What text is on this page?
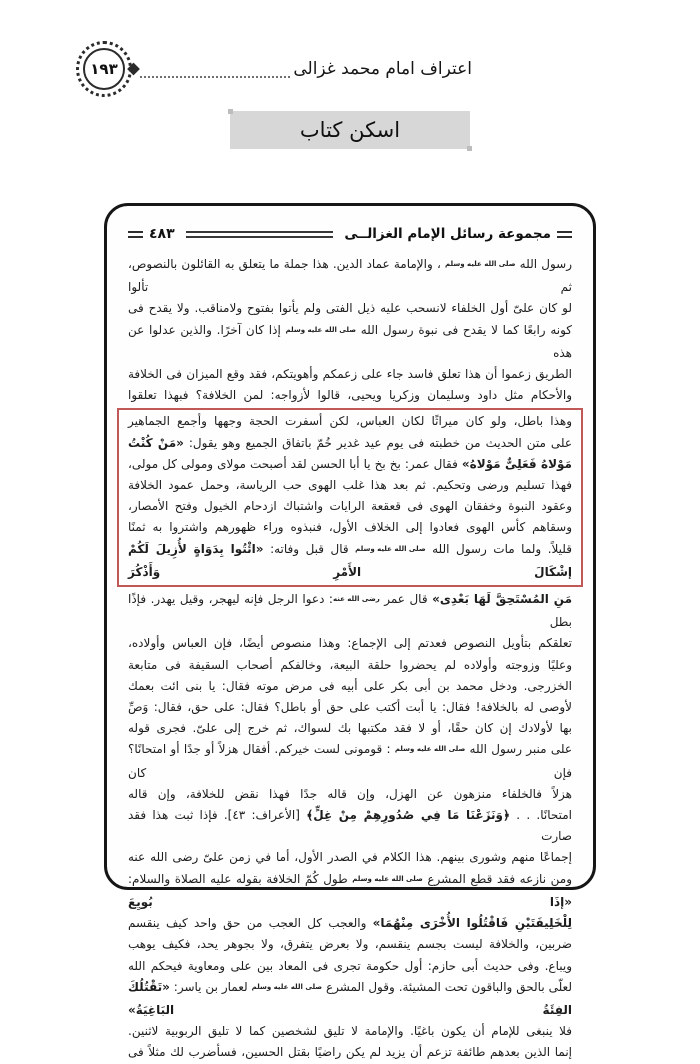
١٩٣	اعتراف امام محمد غزالی
اسكن كتاب
مجموعة رسائل الإمام الغزالــى
٤٨٣
رسول الله صلى الله عليه وسلم ، والإمامة عماد الدين. هذا جملة ما يتعلق به القائلون بالنصوص، ثم تألوا
لو كان علىّ أول الخلفاء لانسحب عليه ذيل الفتى ولم يأتوا بفتوح ولامناقب. ولا يقدح فى
كونه رابعًا كما لا يقدح فى نبوة رسول الله صلى الله عليه وسلم إذا كان آخرًا. والذين عدلوا عن هذه
الطريق زعموا أن هذا تعلق فاسد جاء على زعمكم وأهويتكم، فقد وقع الميزان فى الخلافة
والأحكام مثل داود وسليمان وزكريا ويحيى، قالوا لأزواجه: لمن الخلافة؟ فبهذا تعلقوا
وهذا باطل، ولو كان ميراثًا لكان العباس، لكن أسفرت الحجة وجهها وأجمع الجماهير
على متن الحديث من خطبته فى يوم عيد غدير خُمّ باتفاق الجميع وهو يقول: «مَنْ كُنْتُ
مَوْلاهُ فَعَلِىٌّ مَوْلاهُ» فقال عمر: بخ بخ يا أبا الحسن لقد أصبحت مولاى ومولى كل مولى،
فهذا تسليم ورضى وتحكيم. ثم بعد هذا غلب الهوى حب الرياسة، وحمل عمود الخلافة
وعقود النبوة وخفقان الهوى فى قعقعة الرايات واشتباك ازدحام الخيول وفتح الأمصار،
وسقاهم كأس الهوى فعادوا إلى الخلاف الأول، فنبذوه وراء ظهورهم واشتروا به ثمنًا
قليلاً. ولما مات رسول الله صلى الله عليه وسلم قال قبل وفاته: «ائْتُوا بِدَوَاةٍ لأُزِيلَ لَكُمْ إشْكَالَ الأَمْرِ وَأَذْكُرَ
مَنِ المُسْتَحِقَّ لَهَا بَعْدِى» قال عمر رضى الله عنه: دعوا الرجل فإنه ليهجر، وقيل يهدر. فإذًا بطل
تعلقكم بتأويل النصوص فعدتم إلى الإجماع: وهذا منصوص أيضًا، فإن العباس وأولاده،
وعليًا وزوجته وأولاده لم يحضروا حلقة البيعة، وخالفكم أصحاب السقيفة فى متابعة
الخزرجى. ودخل محمد بن أبى بكر على أبيه فى مرض موته فقال: يا بنى ائت بعمك
لأوصى له بالخلافة! فقال: يا أبت أكتب على حق أو باطل؟ فقال: على حق، فقال: وَصِّ
بها لأولادك إن كان حقًا، أو لا فقد مكتبها بك لسواك، ثم خرج إلى علىّ. فجرى قوله
على منبر رسول الله صلى الله عليه وسلم : قومونى لست خيركم. أفقال هزلاً أو جدًا أو امتحانًا؟ فإن كان
هزلاً فالخلفاء منزهون عن الهزل، وإن قاله جدًا فهذا نقض للخلافة، وإن قاله
امتحانًا. . . ﴿وَنَزَعْنَا مَا فِي صُدُورِهِمْ مِنْ غِلٍّ﴾ [الأعراف: ٤٣]. فإذا ثبت هذا فقد صارت
إجماعًا منهم وشورى بينهم. هذا الكلام في الصدر الأول، أما في زمن علىّ رضى الله عنه
ومن نازعه فقد قطع المشرع صلى الله عليه وسلم طول كُمّ الخلافة بقوله عليه الصلاة والسلام: «إذَا بُويِعَ
لِلْخَلِيفَتَيْنِ فَاقْتُلُوا الأُخْرَى مِنْهُمَا» والعجب كل العجب من حق واحد كيف ينقسم
ضربين، والخلافة ليست بجسم ينقسم، ولا بعرض يتفرق، ولا بجوهر يحد، فكيف يوهب
ويباع. وفى حديث أبى حازم: أول حكومة تجرى فى المعاد بين على ومعاوية فيحكم الله
لعلّى بالحق والباقون تحت المشيئة. وقول المشرع صلى الله عليه وسلم لعمار بن ياسر: «تَقْتُلُكَ الفِئَةُ البَاغِيَةُ»
فلا ينبغى للإمام أن يكون باغيًا. والإمامة لا تليق لشخصين كما لا تليق الربوبية لاثنين.
إنما الذين بعدهم طائفة تزعم أن يزيد لم يكن راضيًا بقتل الحسين، فسأضرب لك مثلاً فى
